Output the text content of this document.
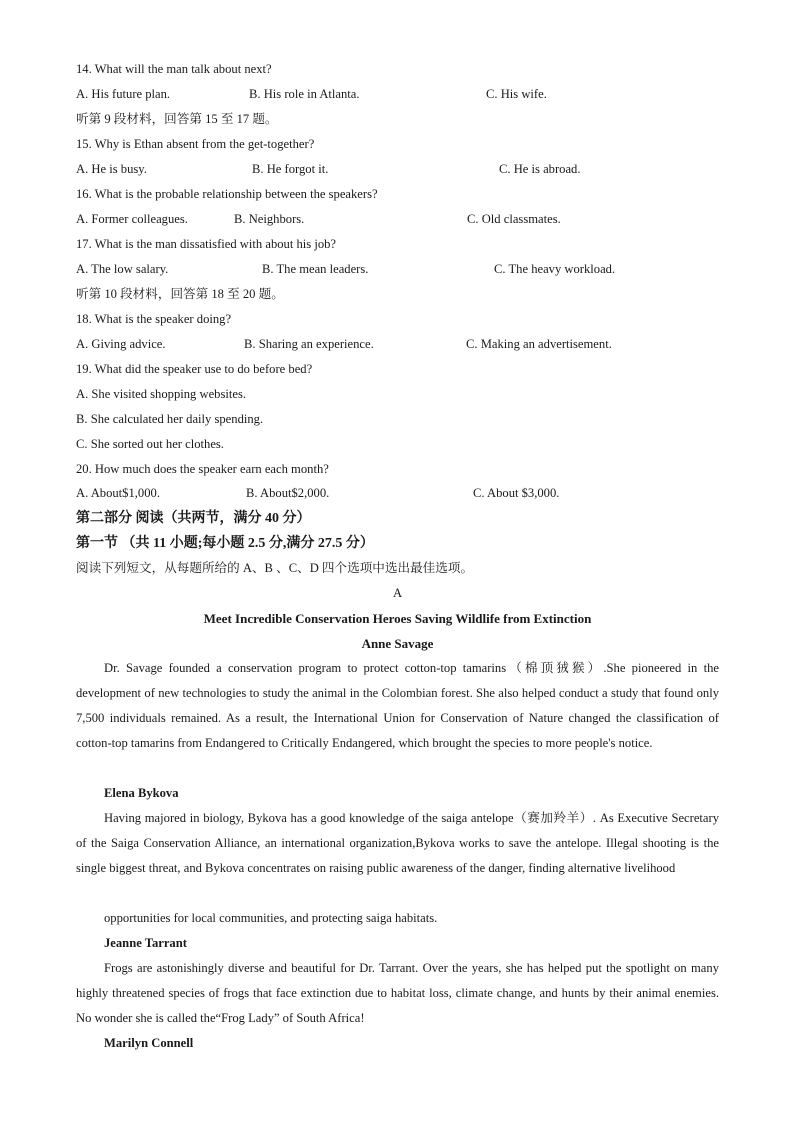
14. What will the man talk about next?
A. His future plan.	B. His role in Atlanta.	C. His wife.
听第 9 段材料，回答第 15 至 17 题。
15. Why is Ethan absent from the get-together?
A. He is busy.	B. He forgot it.	C. He is abroad.
16. What is the probable relationship between the speakers?
A. Former colleagues.	B. Neighbors.	C. Old classmates.
17. What is the man dissatisfied with about his job?
A. The low salary.	B. The mean leaders.	C. The heavy workload.
听第 10 段材料，回答第 18 至 20 题。
18. What is the speaker doing?
A. Giving advice.	B. Sharing an experience.	C. Making an advertisement.
19. What did the speaker use to do before bed?
A. She visited shopping websites.
B. She calculated her daily spending.
C. She sorted out her clothes.
20. How much does the speaker earn each month?
A. About$1,000.	B. About$2,000.	C. About $3,000.
第二部分 阅读（共两节，满分 40 分）
第一节 （共 11 小题;每小题 2.5 分,满分 27.5 分）
阅读下列短文，从每题所给的 A、B 、C、D 四个选项中选出最佳选项。
A
Meet Incredible Conservation Heroes Saving Wildlife from Extinction
Anne Savage
Dr. Savage founded a conservation program to protect cotton-top tamarins（棉顶狨猴）.She pioneered in the development of new technologies to study the animal in the Colombian forest. She also helped conduct a study that found only 7,500 individuals remained. As a result, the International Union for Conservation of Nature changed the classification of cotton-top tamarins from Endangered to Critically Endangered, which brought the species to more people's notice.
Elena Bykova
Having majored in biology, Bykova has a good knowledge of the saiga antelope（赛加羚羊）. As Executive Secretary of the Saiga Conservation Alliance, an international organization,Bykova works to save the antelope. Illegal shooting is the single biggest threat, and Bykova concentrates on raising public awareness of the danger, finding alternative livelihood
opportunities for local communities, and protecting saiga habitats.
Jeanne Tarrant
Frogs are astonishingly diverse and beautiful for Dr. Tarrant. Over the years, she has helped put the spotlight on many highly threatened species of frogs that face extinction due to habitat loss, climate change, and hunts by their animal enemies. No wonder she is called the“Frog Lady” of South Africa!
Marilyn Connell
